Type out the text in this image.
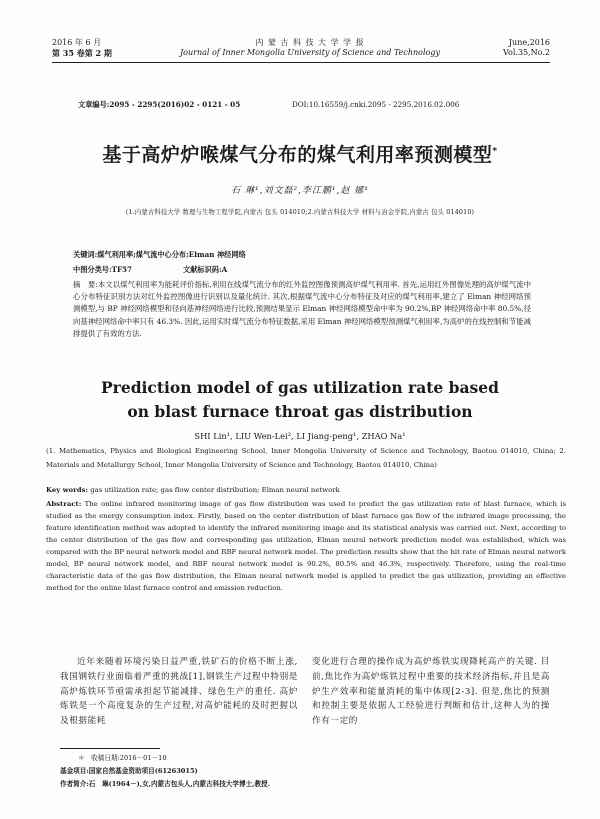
2016 年 6 月
第 35 卷第 2 期
内 蒙 古 科 技 大 学 学 报
Journal of Inner Mongolia University of Science and Technology
June,2016
Vol.35,No.2
文章编号:2095 - 2295(2016)02 - 0121 - 05	DOI:10.16559/j.cnki.2095 - 2295.2016.02.006
基于高炉炉喉煤气分布的煤气利用率预测模型*
石 琳¹,刘文磊²,李江鹏¹,赵 娜¹
(1.内蒙古科技大学 数理与生物工程学院,内蒙古 包头 014010;2.内蒙古科技大学 材料与冶金学院,内蒙古 包头 014010)
关键词:煤气利用率;煤气流中心分布;Elman 神经网络
中图分类号:TF57	文献标识码:A
摘　要:本文以煤气利用率为能耗评价指标,利用在线煤气流分布的红外监控图像预测高炉煤气利用率. 首先,运用红外图像处理的高炉煤气流中心分布特征识别方法对红外监控图像进行识别以及量化统计. 其次,根据煤气流中心分布特征及对应的煤气利用率,建立了 Elman 神经网络预测模型,与 BP 神经网络模型和径向基神经网络进行比较,预测结果显示 Elman 神经网络模型命中率为 90.2%,BP 神经网络命中率 80.5%,径向基神经网络命中率只有 46.3%. 因此,运用实时煤气流分布特征数据,采用 Elman 神经网络模型预测煤气利用率,为高炉的在线控制和节能减排提供了有效的方法.
Prediction model of gas utilization rate based
on blast furnace throat gas distribution
SHI Lin¹, LIU Wen-Lei², LI Jiang-peng¹, ZHAO Na¹
(1. Mathematics, Physics and Biological Engineering School, Inner Mongolia University of Science and Technology, Baotou 014010, China; 2. Materials and Metallurgy School, Inner Mongolia University of Science and Technology, Baotou 014010, China)
Key words: gas utilization rate; gas flow center distribution; Elman neural network
Abstract: The online infrared monitoring image of gas flow distribution was used to predict the gas utilization rate of blast furnace, which is studied as the energy consumption index. Firstly, based on the center distribution of blast furnace gas flow of the infrared image processing, the feature identification method was adopted to identify the infrared monitoring image and its statistical analysis was carried out. Next, according to the center distribution of the gas flow and corresponding gas utilization, Elman neural network prediction model was established, which was compared with the BP neural network model and RBF neural network model. The prediction results show that the hit rate of Elman neural network model, BP neural network model, and RBF neural network model is 90.2%, 80.5% and 46.3%, respectively. Therefore, using the real-time characteristic data of the gas flow distribution, the Elman neural network model is applied to predict the gas utilization, providing an effective method for the online blast furnace control and emission reduction.
近年来随着环境污染日益严重,铁矿石的价格不断上涨,我国钢铁行业面临着严重的挑战[1],钢铁生产过程中特别是高炉炼铁环节亟需承担起节能减排、绿色生产的重任. 高炉炼铁是一个高度复杂的生产过程,对高炉能耗的及时把握以及根据能耗
变化进行合理的操作成为高炉炼铁实现降耗高产的关键. 目前,焦比作为高炉炼铁过程中重要的技术经济指标,并且是高炉生产效率和能量消耗的集中体现[2-3]. 但是,焦比的预测和控制主要是依据人工经验进行判断和估计,这种人为的操作有一定的
＊　收稿日期:2016－01－10
基金项目:国家自然基金资助项目(61263015)
作者简介:石　琳(1964－),女,内蒙古包头人,内蒙古科技大学博士,教授.
